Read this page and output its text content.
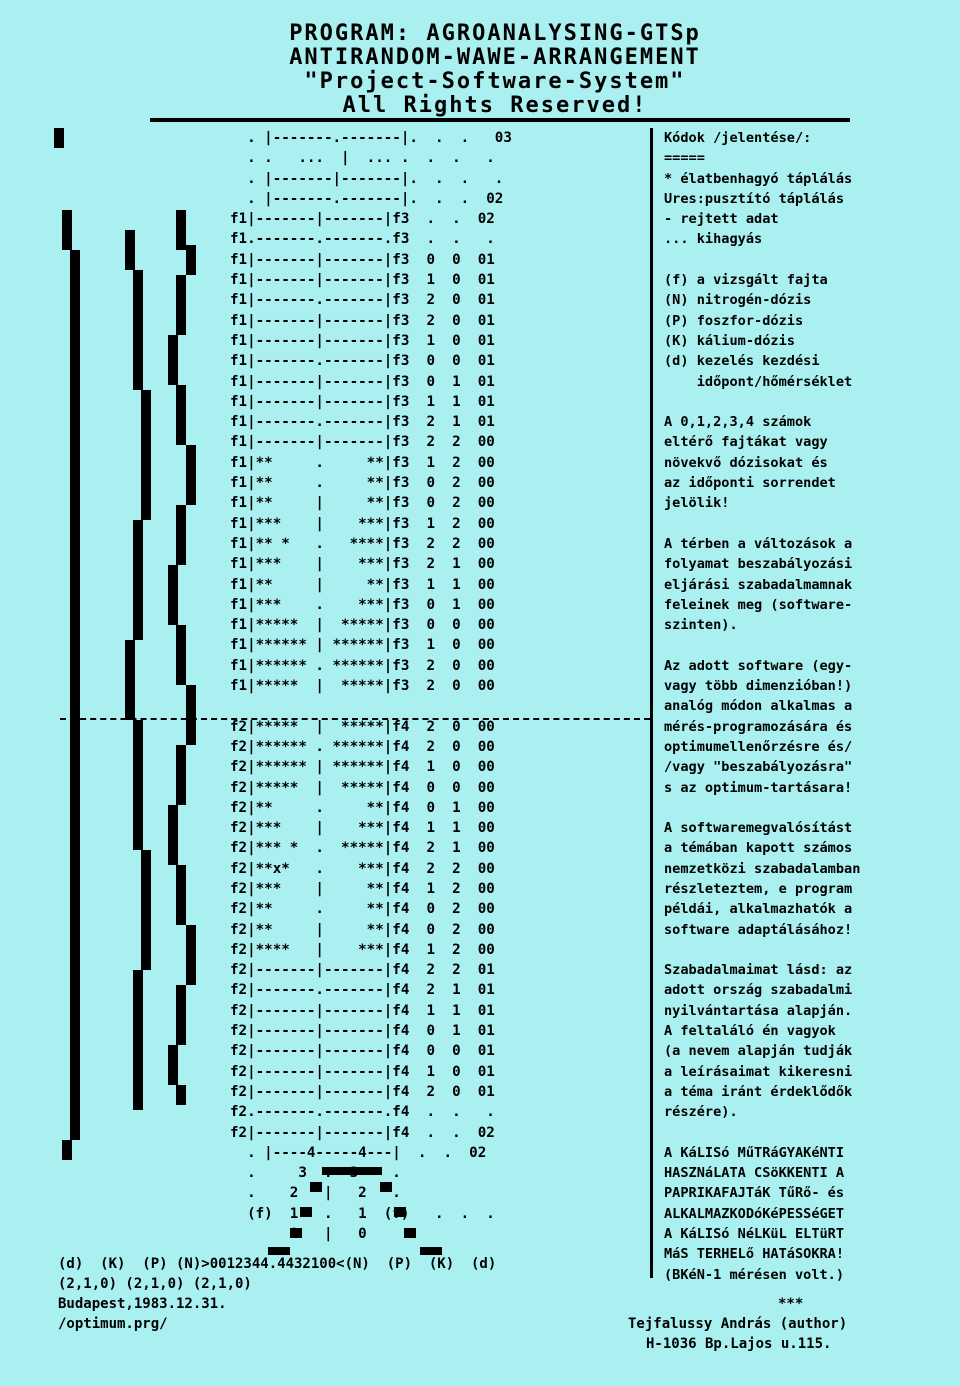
PROGRAM: AGROANALYSING-GTSp
ANTIRANDOM-WAWE-ARRANGEMENT
"Project-Software-System"
All Rights Reserved!
. |-------.-------|.  .  .   03
. .   ...  |  ... .  .  .   .
. |-------|-------|.  .  .   .
. |-------.-------|.  .  .  02
f1|-------|-------|f3  .  .  02
f1.-------.-------.f3  .  .   .
f1|-------|-------|f3  0  0  01
f1|-------|-------|f3  1  0  01
f1|-------.-------|f3  2  0  01
f1|-------|-------|f3  2  0  01
f1|-------|-------|f3  1  0  01
f1|-------.-------|f3  0  0  01
f1|-------|-------|f3  0  1  01
f1|-------|-------|f3  1  1  01
f1|-------.-------|f3  2  1  01
f1|-------|-------|f3  2  2  00
f1|**     .     **|f3  1  2  00
f1|**     .     **|f3  0  2  00
f1|**     |     **|f3  0  2  00
f1|***    |    ***|f3  1  2  00
f1|** *   .   ****|f3  2  2  00
f1|***    |    ***|f3  2  1  00
f1|**     |     **|f3  1  1  00
f1|***    .    ***|f3  0  1  00
f1|*****  |  *****|f3  0  0  00
f1|****** | ******|f3  1  0  00
f1|****** . ******|f3  2  0  00
f1|*****  |  *****|f3  2  0  00
f2|*****  |  *****|f4  2  0  00
f2|****** . ******|f4  2  0  00
f2|****** | ******|f4  1  0  00
f2|*****  |  *****|f4  0  0  00
f2|**     .     **|f4  0  1  00
f2|***    |    ***|f4  1  1  00
f2|*** *  .  *****|f4  2  1  00
f2|**x*   .    ***|f4  2  2  00
f2|***    |     **|f4  1  2  00
f2|**     .     **|f4  0  2  00
f2|**     |     **|f4  0  2  00
f2|****   |    ***|f4  1  2  00
f2|-------|-------|f4  2  2  01
f2|-------.-------|f4  2  1  01
f2|-------|-------|f4  1  1  01
f2|-------|-------|f4  0  1  01
f2|-------|-------|f4  0  0  01
f2|-------|-------|f4  1  0  01
f2|-------|-------|f4  2  0  01
f2.-------.-------.f4  .  .   .
f2|-------|-------|f4  .  .  02
. |----4-----4---|  .  .  02
.     3  .  3    .
.    2   |   2   .
(f)  1   .   1  (f)   .  .  .
0   |   0
Kódok /jelentése/:
=====
* élatbenhagyó táplálás
Ures:pusztító táplálás
- rejtett adat
... kihagyás
(f) a vizsgált fajta
(N) nitrogén-dózis
(P) foszfor-dózis
(K) kálium-dózis
(d) kezelés kezdési
időpont/hőmérséklet
A 0,1,2,3,4 számok
eltérő fajtákat vagy
növekvő dózisokat és
az időponti sorrendet
jelölik!
A térben a változások a
folyamat beszabályozási
eljárási szabadalmamnak
feleinek meg (software-
szinten).
Az adott software (egy-
vagy több dimenzióban!)
analóg módon alkalmas a
mérés-programozására és
optimumellenőrzésre és/
/vagy "beszabályozásra"
s az optimum-tartásara!
A softwaremegvalósítást
a témában kapott számos
nemzetközi szabadalamban
részleteztem, e program
példái, alkalmazhatók a
software adaptálásához!
Szabadalmaimat lásd: az
adott ország szabadalmi
nyilvántartása alapján.
A feltaláló én vagyok
(a nevem alapján tudják
a leírásaimat kikeresni
a téma iránt érdeklődők
részére).
A KáLISó MűTRáGYAKéNTI
HASZNáLATA CSöKKENTI A
PAPRIKAFAJTáK TűRő- és
ALKALMAZKODóKéPESSéGET
A KáLISó NéLKüL ELTüRT
MáS TERHELő HATáSOKRA!
(BKéN-1 mérésen volt.)
(d)  (K)  (P) (N)>0012344.4432100<(N)  (P)  (K)  (d)
(2,1,0) (2,1,0) (2,1,0)
Budapest,1983.12.31.
/optimum.prg/
***
Tejfalussy András (author)
H-1036 Bp.Lajos u.115.
